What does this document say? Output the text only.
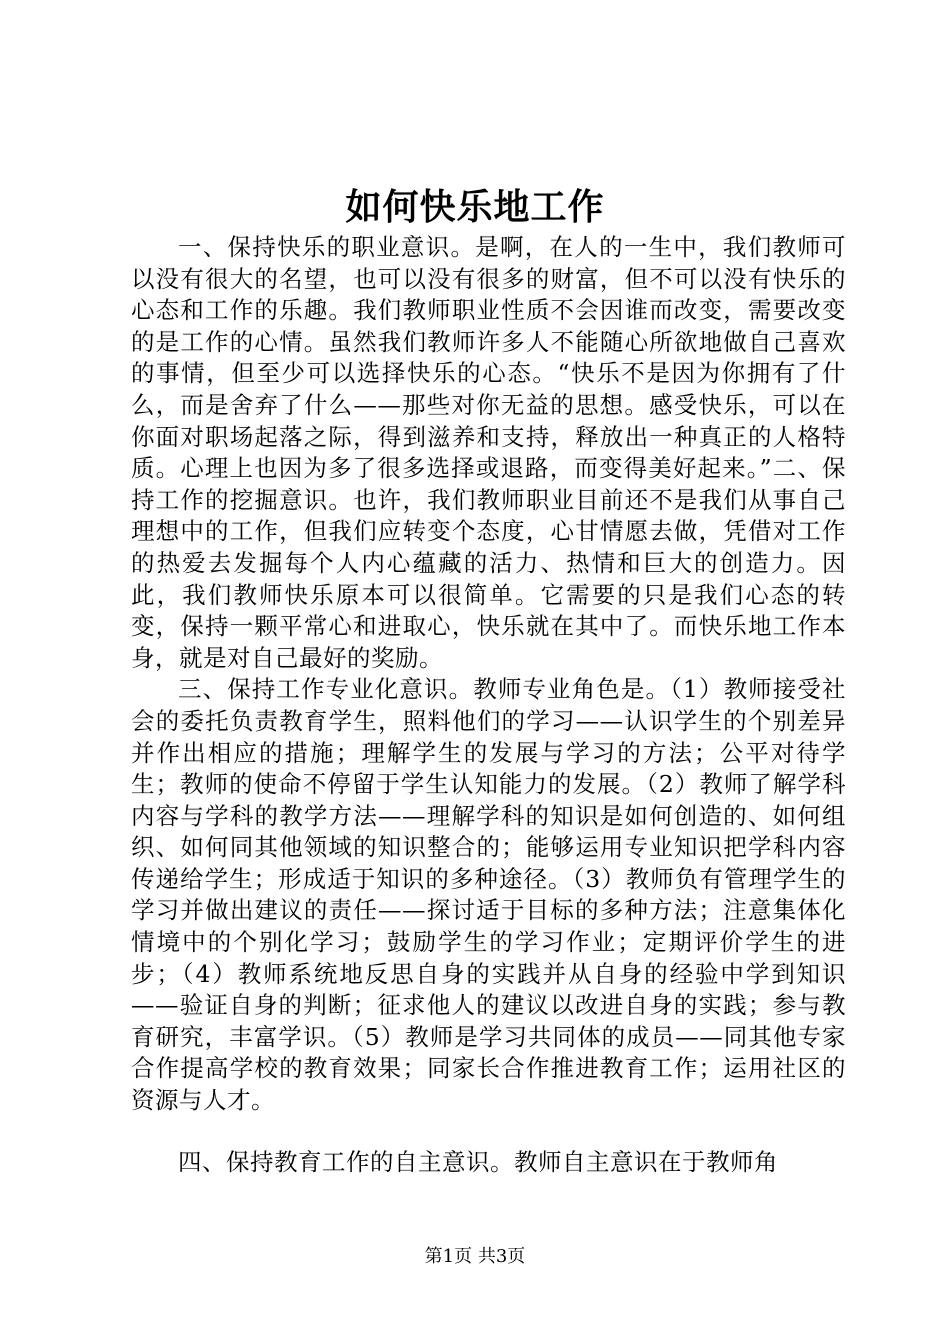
如何快乐地工作

一、保持快乐的职业意识。是啊，在人的一生中，我们教师可以没有很大的名望，也可以没有很多的财富，但不可以没有快乐的心态和工作的乐趣。我们教师职业性质不会因谁而改变，需要改变的是工作的心情。虽然我们教师许多人不能随心所欲地做自己喜欢的事情，但至少可以选择快乐的心态。“快乐不是因为你拥有了什么，而是舍弃了什么——那些对你无益的思想。感受快乐，可以在你面对职场起落之际，得到滋养和支持，释放出一种真正的人格特质。心理上也因为多了很多选择或退路，而变得美好起来。”二、保持工作的挖掘意识。也许，我们教师职业目前还不是我们从事自己理想中的工作，但我们应转变个态度，心甘情愿去做，凭借对工作的热爱去发掘每个人内心蕴藏的活力、热情和巨大的创造力。因此，我们教师快乐原本可以很简单。它需要的只是我们心态的转变，保持一颗平常心和进取心，快乐就在其中了。而快乐地工作本身，就是对自己最好的奖励。

三、保持工作专业化意识。教师专业角色是。（1）教师接受社会的委托负责教育学生，照料他们的学习——认识学生的个别差异并作出相应的措施；理解学生的发展与学习的方法；公平对待学生；教师的使命不停留于学生认知能力的发展。（2）教师了解学科内容与学科的教学方法——理解学科的知识是如何创造的、如何组织、如何同其他领域的知识整合的；能够运用专业知识把学科内容传递给学生；形成适于知识的多种途径。（3）教师负有管理学生的学习并做出建议的责任——探讨适于目标的多种方法；注意集体化情境中的个别化学习；鼓励学生的学习作业；定期评价学生的进步；（4）教师系统地反思自身的实践并从自身的经验中学到知识——验证自身的判断；征求他人的建议以改进自身的实践；参与教育研究，丰富学识。（5）教师是学习共同体的成员——同其他专家合作提高学校的教育效果；同家长合作推进教育工作；运用社区的资源与人才。

四、保持教育工作的自主意识。教师自主意识在于教师角

第1页 共3页
